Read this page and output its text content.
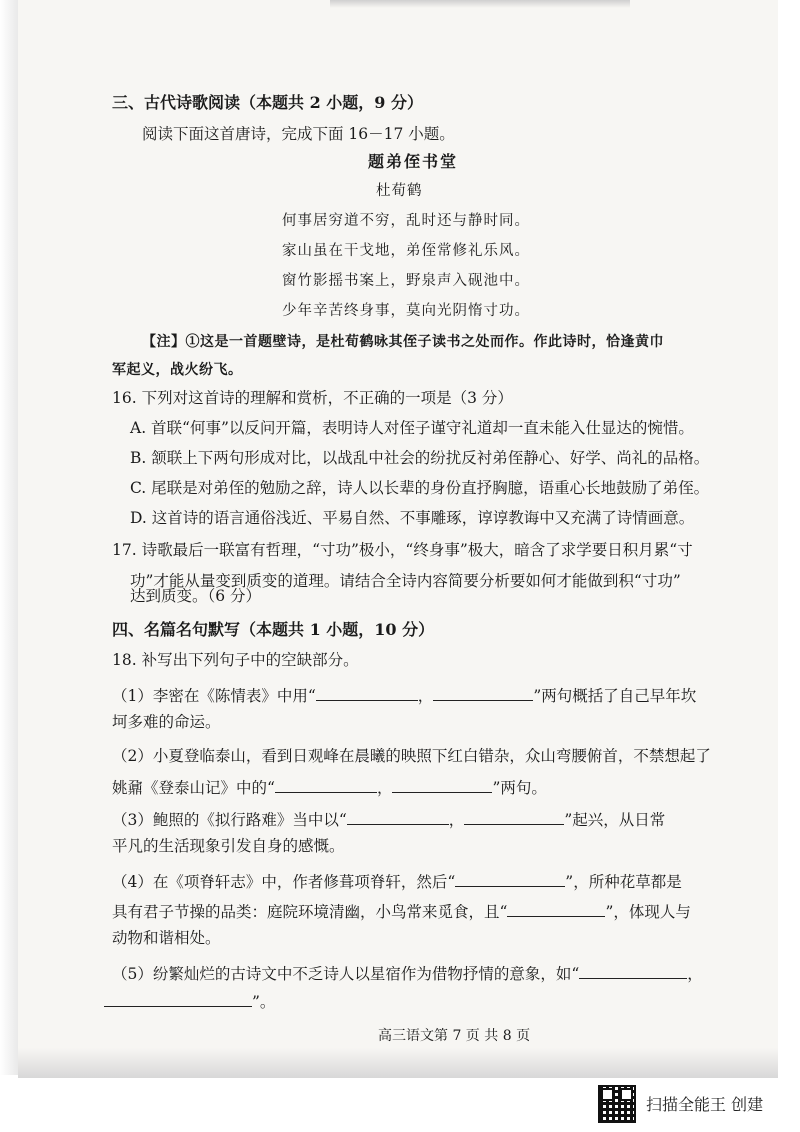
三、古代诗歌阅读（本题共 2 小题，9 分）
阅读下面这首唐诗，完成下面 16－17 小题。
题弟侄书堂
杜荀鹤
何事居穷道不穷，乱时还与静时同。
家山虽在干戈地，弟侄常修礼乐风。
窗竹影摇书案上，野泉声入砚池中。
少年辛苦终身事，莫向光阴惰寸功。
【注】①这是一首题壁诗，是杜荀鹤咏其侄子读书之处而作。作此诗时，恰逢黄巾
军起义，战火纷飞。
16. 下列对这首诗的理解和赏析，不正确的一项是（3 分）
A. 首联“何事”以反问开篇，表明诗人对侄子谨守礼道却一直未能入仕显达的惋惜。
B. 颔联上下两句形成对比，以战乱中社会的纷扰反衬弟侄静心、好学、尚礼的品格。
C. 尾联是对弟侄的勉励之辞，诗人以长辈的身份直抒胸臆，语重心长地鼓励了弟侄。
D. 这首诗的语言通俗浅近、平易自然、不事雕琢，谆谆教诲中又充满了诗情画意。
17. 诗歌最后一联富有哲理，“寸功”极小，“终身事”极大，暗含了求学要日积月累“寸
功”才能从量变到质变的道理。请结合全诗内容简要分析要如何才能做到积“寸功”
达到质变。（6 分）
四、名篇名句默写（本题共 1 小题，10 分）
18. 补写出下列句子中的空缺部分。
（1）李密在《陈情表》中用“	，	”两句概括了自己早年坎
坷多难的命运。
（2）小夏登临泰山，看到日观峰在晨曦的映照下红白错杂，众山弯腰俯首，不禁想起了
姚鼐《登泰山记》中的“	，	”两句。
（3）鲍照的《拟行路难》当中以“	，	”起兴，从日常
平凡的生活现象引发自身的感慨。
（4）在《项脊轩志》中，作者修葺项脊轩，然后“	”，所种花草都是
具有君子节操的品类：庭院环境清幽，小鸟常来觅食，且“	”，体现人与
动物和谐相处。
（5）纷繁灿烂的古诗文中不乏诗人以星宿作为借物抒情的意象，如“	，
”。
高三语文第 7 页 共 8 页
扫描全能王 创建
